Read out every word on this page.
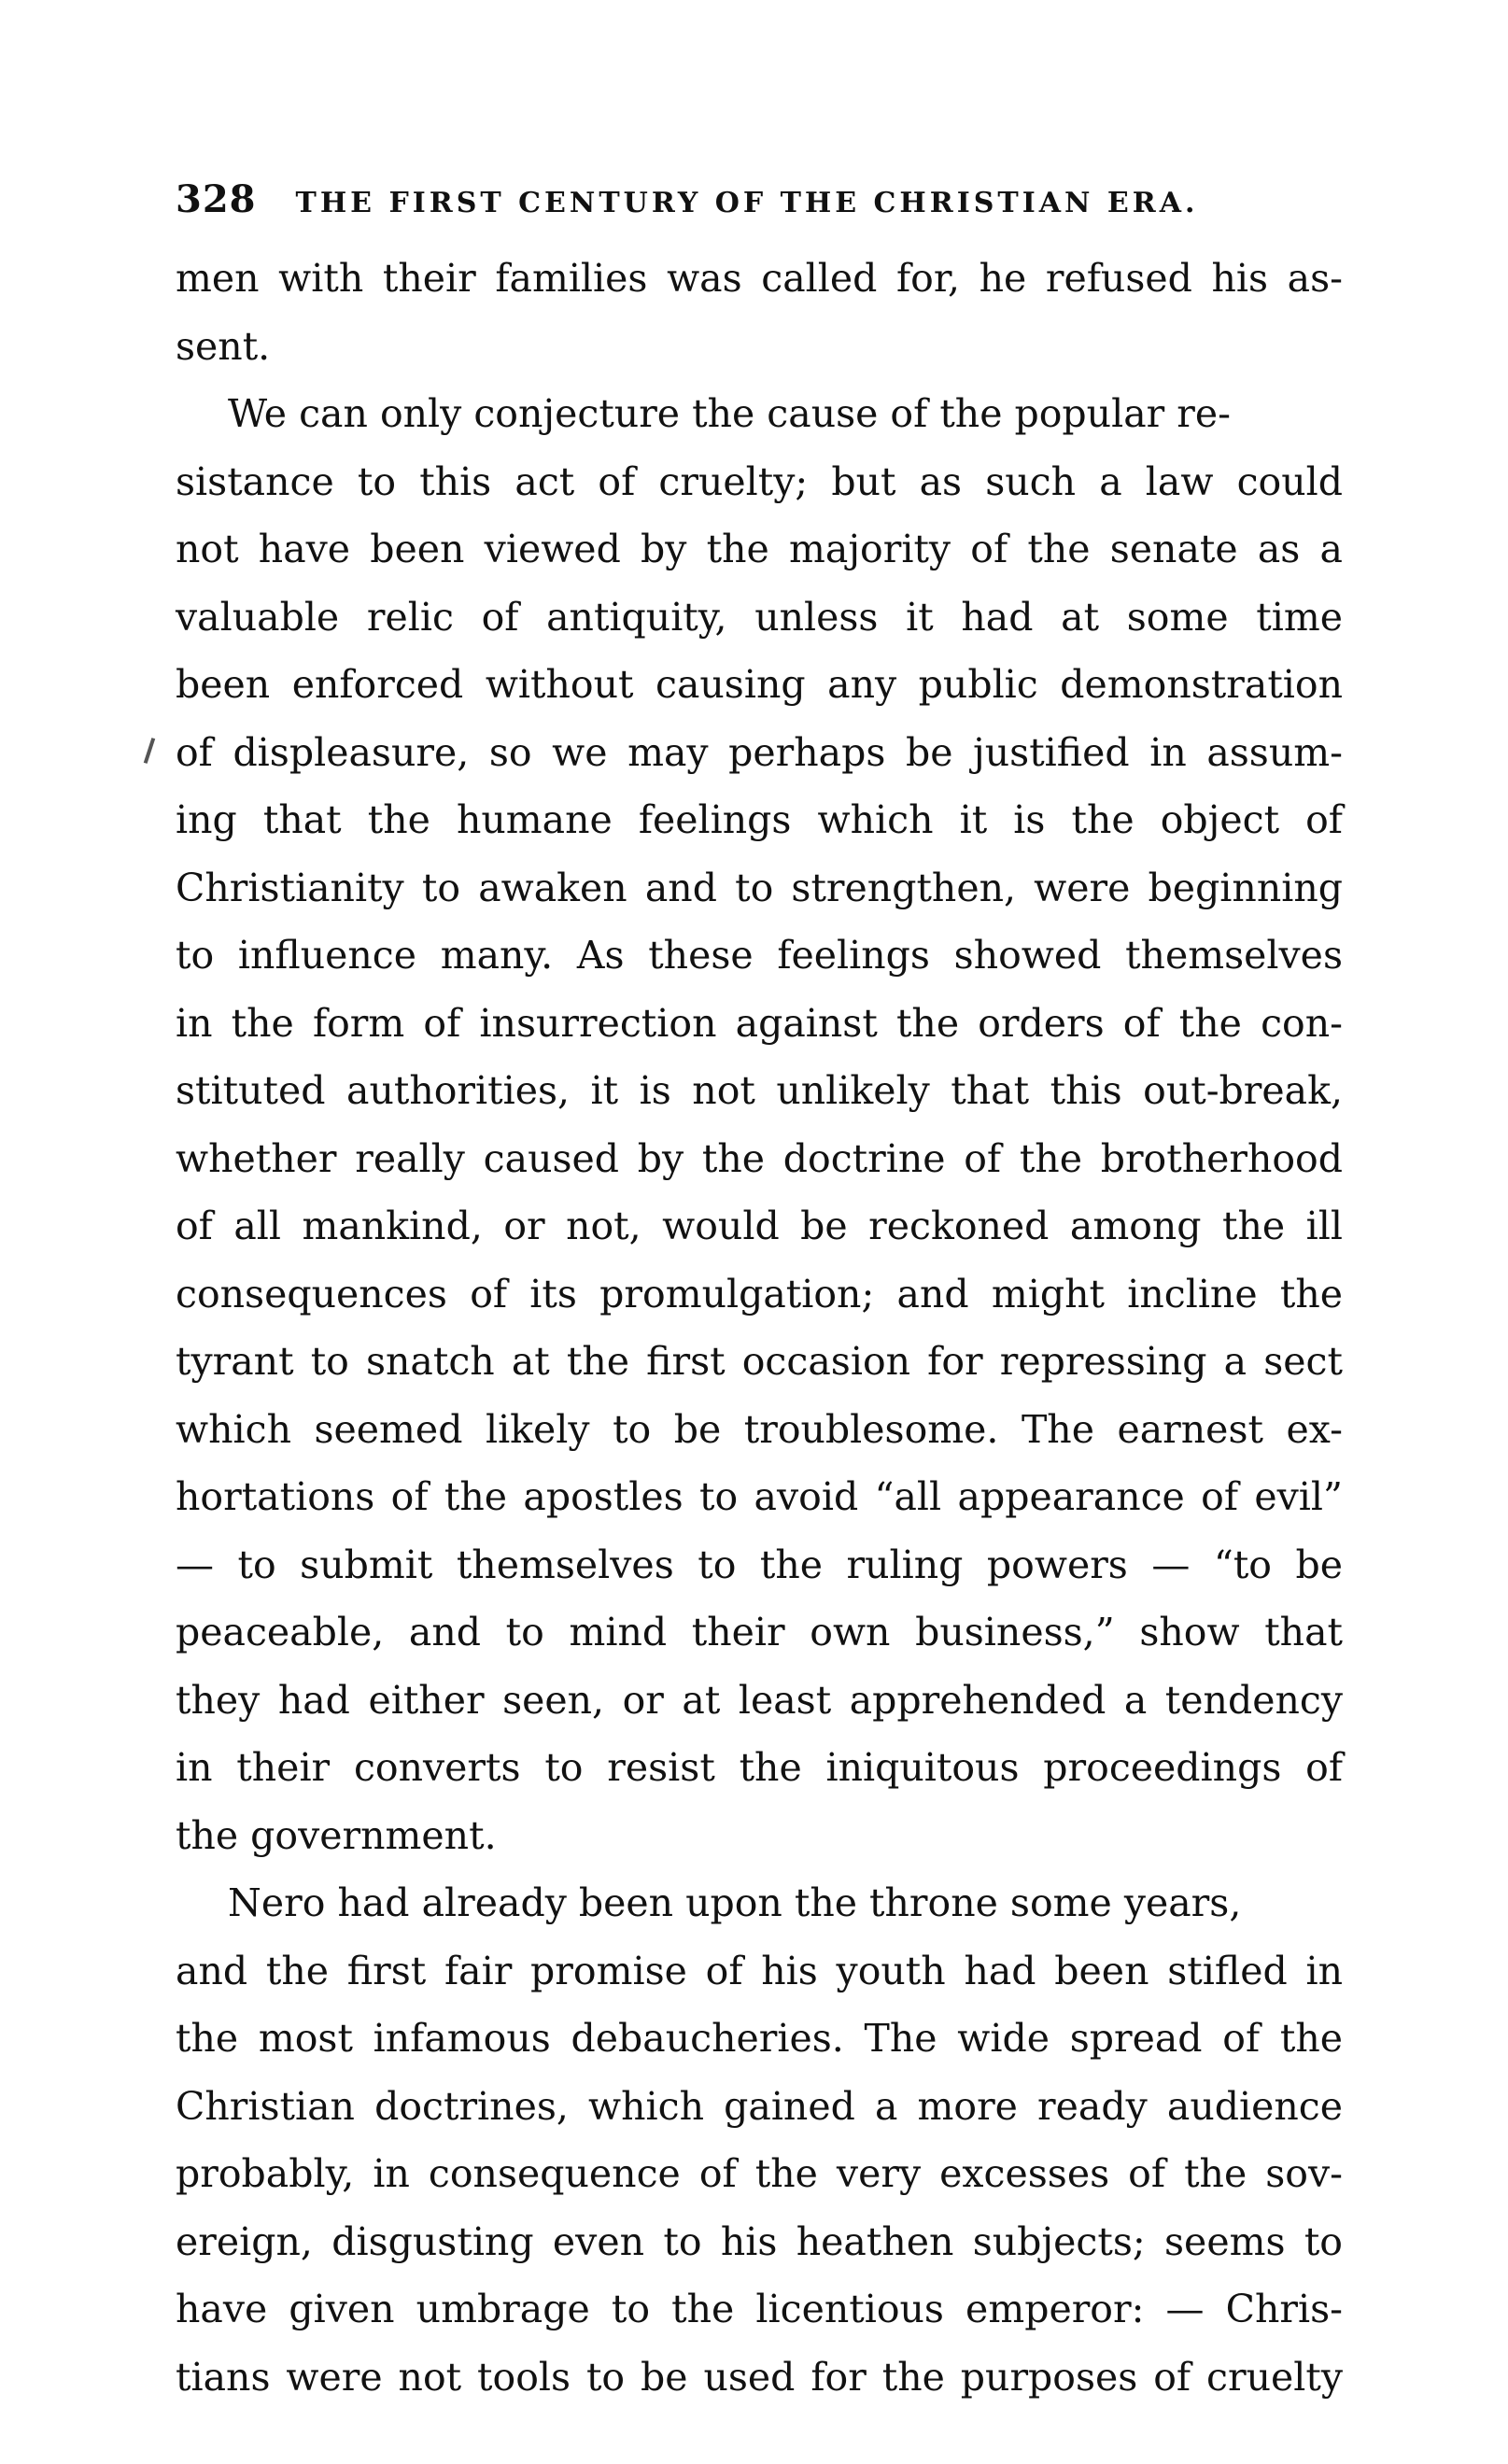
328 THE FIRST CENTURY OF THE CHRISTIAN ERA.
men with their families was called for, he refused his as-
sent.
We can only conjecture the cause of the popular re-
sistance to this act of cruelty; but as such a law could
not have been viewed by the majority of the senate as a
valuable relic of antiquity, unless it had at some time
been enforced without causing any public demonstration
of displeasure, so we may perhaps be justified in assum-
ing that the humane feelings which it is the object of
Christianity to awaken and to strengthen, were beginning
to influence many. As these feelings showed themselves
in the form of insurrection against the orders of the con-
stituted authorities, it is not unlikely that this out-break,
whether really caused by the doctrine of the brotherhood
of all mankind, or not, would be reckoned among the ill
consequences of its promulgation; and might incline the
tyrant to snatch at the first occasion for repressing a sect
which seemed likely to be troublesome. The earnest ex-
hortations of the apostles to avoid “all appearance of evil”
— to submit themselves to the ruling powers — “to be
peaceable, and to mind their own business,” show that
they had either seen, or at least apprehended a tendency
in their converts to resist the iniquitous proceedings of
the government.
Nero had already been upon the throne some years,
and the first fair promise of his youth had been stifled in
the most infamous debaucheries. The wide spread of the
Christian doctrines, which gained a more ready audience
probably, in consequence of the very excesses of the sov-
ereign, disgusting even to his heathen subjects; seems to
have given umbrage to the licentious emperor: — Chris-
tians were not tools to be used for the purposes of cruelty
